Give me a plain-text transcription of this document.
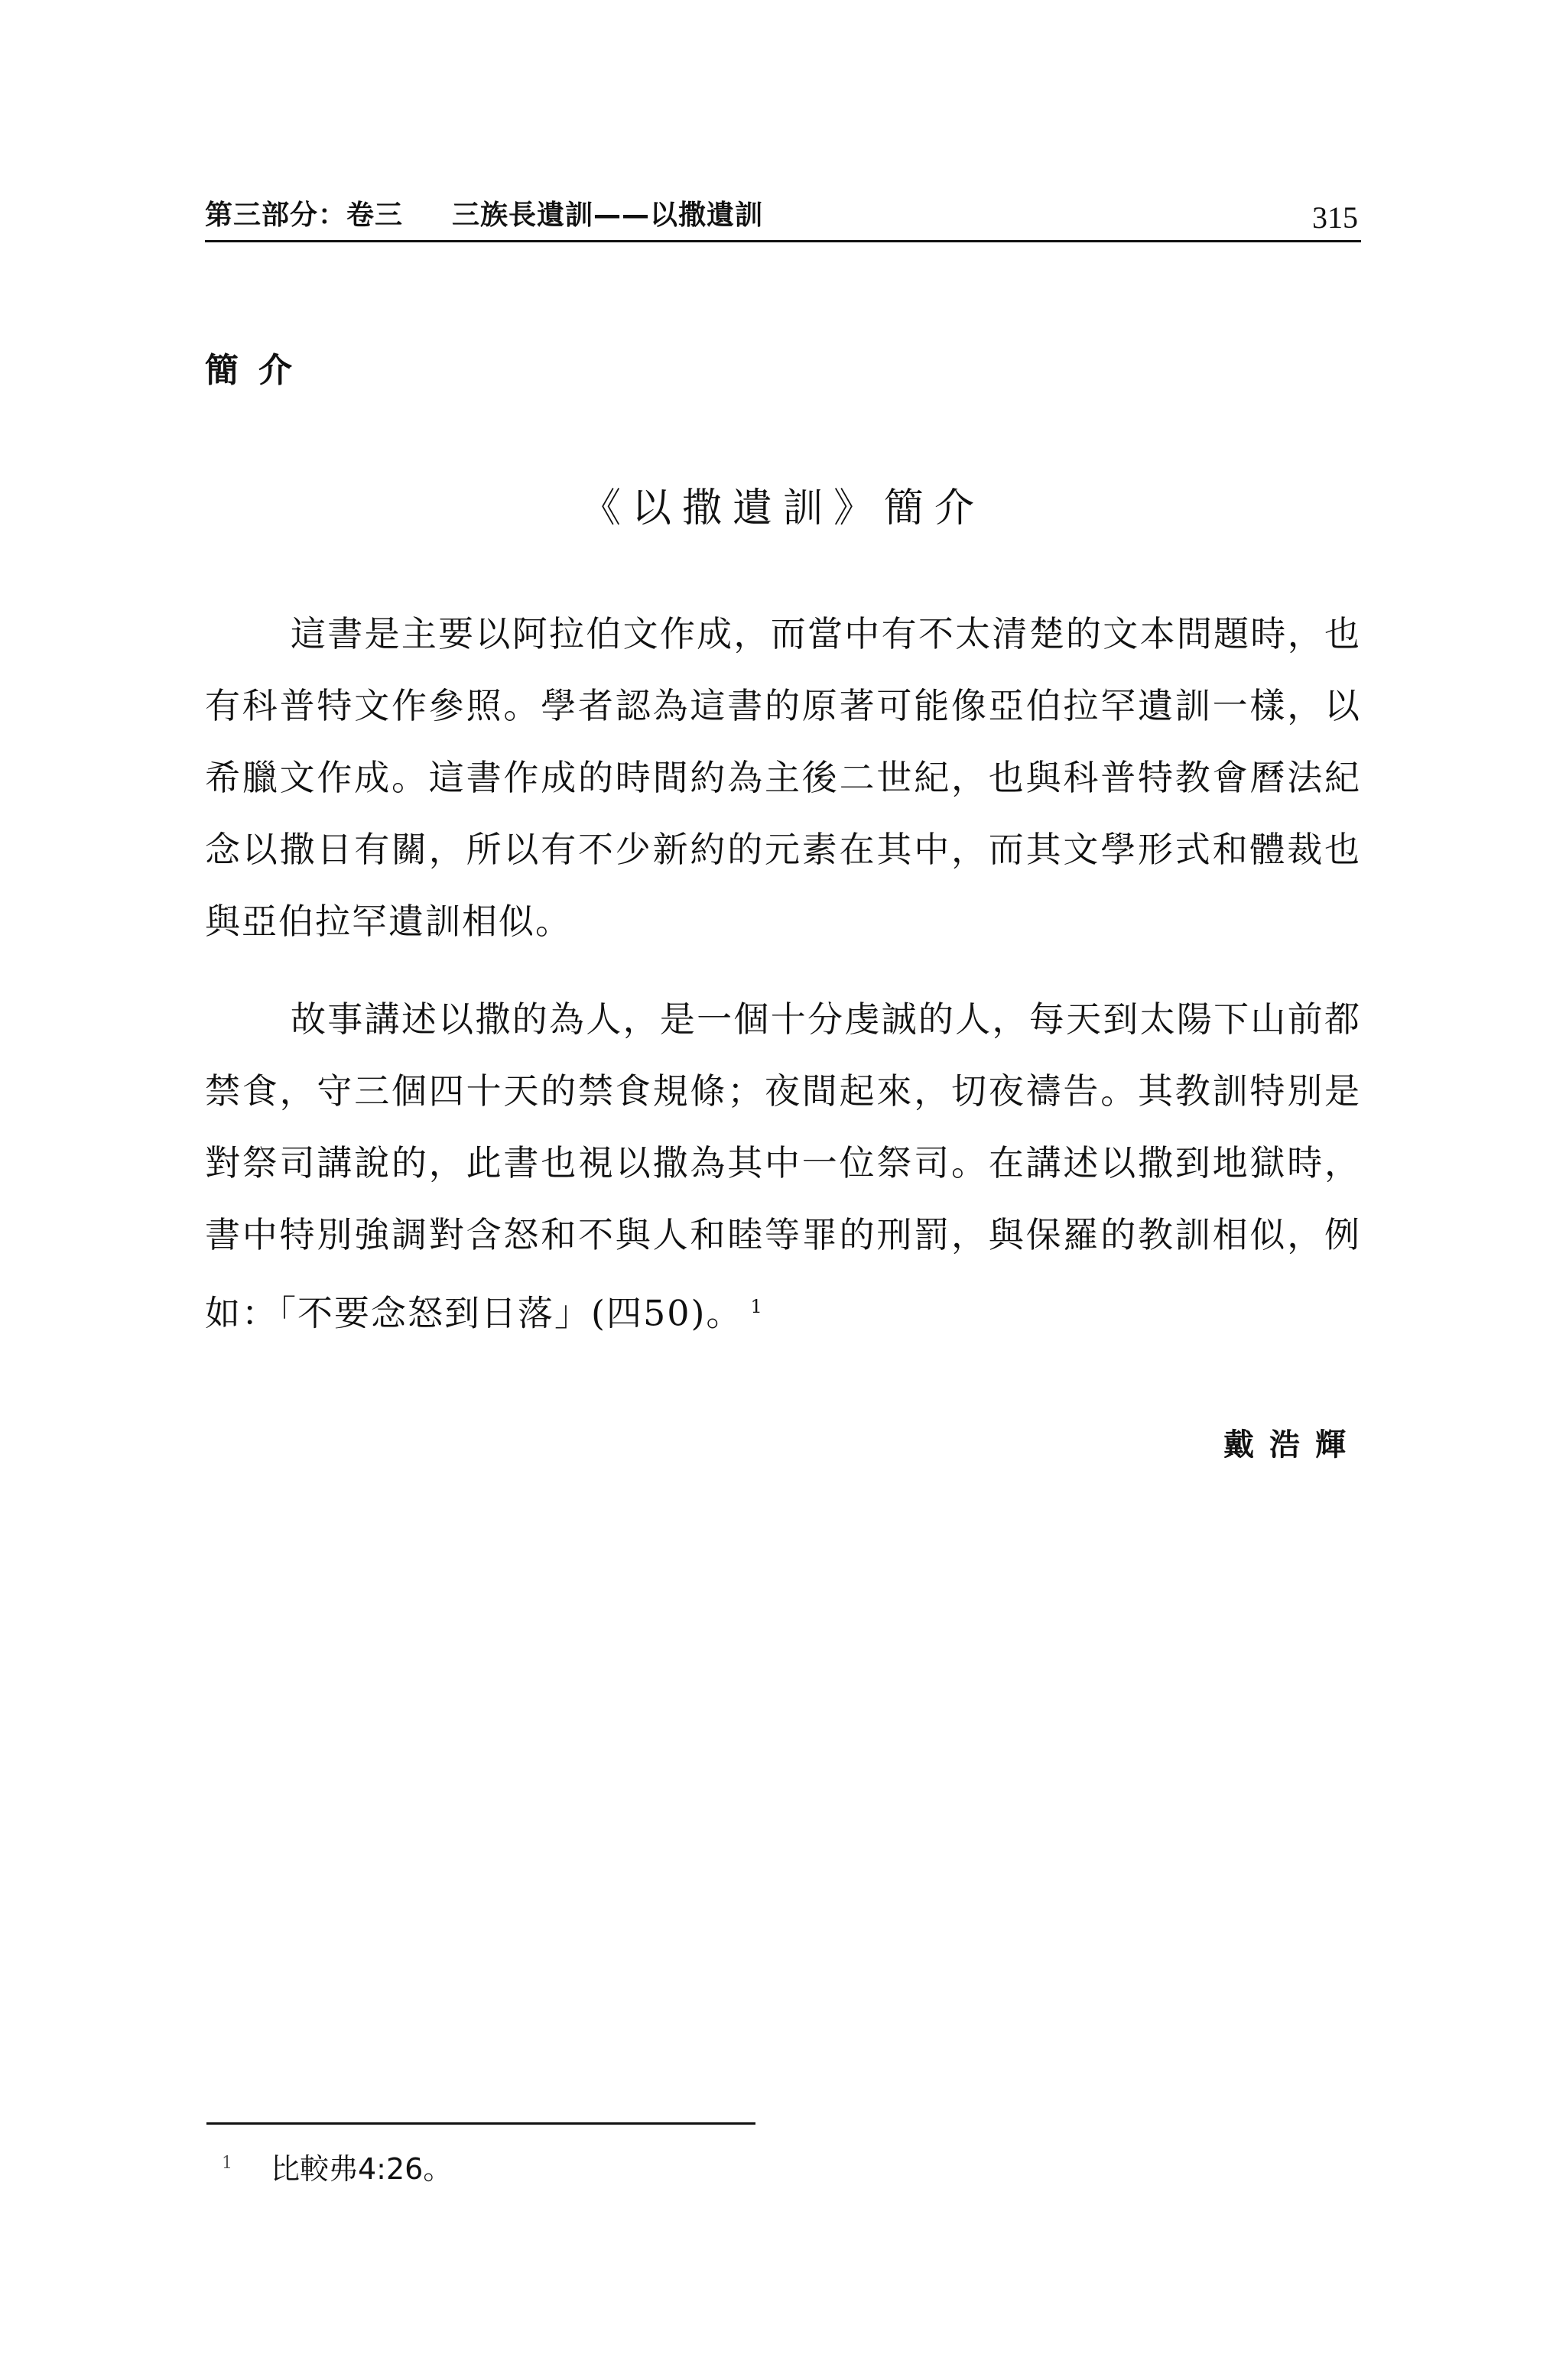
第三部分：卷三 三族長遺訓——以撒遺訓	315
簡介
《以撒遺訓》簡介

這書是主要以阿拉伯文作成，而當中有不太清楚的文本問題時，也有科普特文作參照。學者認為這書的原著可能像亞伯拉罕遺訓一樣，以希臘文作成。這書作成的時間約為主後二世紀，也與科普特教會曆法紀念以撒日有關，所以有不少新約的元素在其中，而其文學形式和體裁也與亞伯拉罕遺訓相似。

故事講述以撒的為人，是一個十分虔誠的人，每天到太陽下山前都禁食，守三個四十天的禁食規條；夜間起來，切夜禱告。其教訓特別是對祭司講說的，此書也視以撒為其中一位祭司。在講述以撒到地獄時，書中特別強調對含怒和不與人和睦等罪的刑罰，與保羅的教訓相似，例如：「不要念怒到日落」(四50)。 $^1$

戴浩輝
$^1$ 比較弗4:26。
